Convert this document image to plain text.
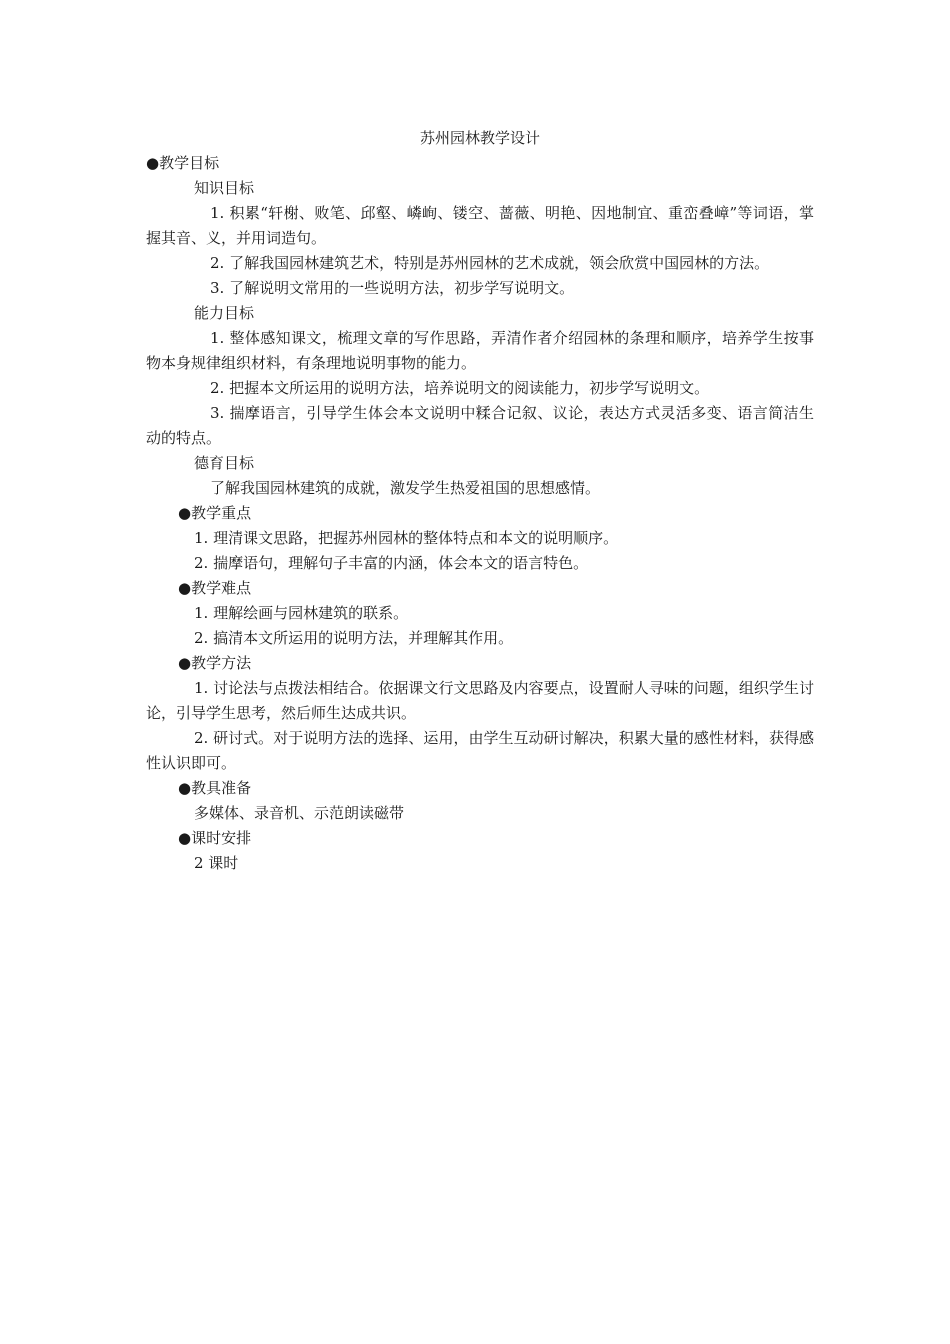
苏州园林教学设计

●教学目标

知识目标

1. 积累“轩榭、败笔、邱壑、嶙峋、镂空、蔷薇、明艳、因地制宜、重峦叠嶂”等词语，掌握其音、义，并用词造句。

2. 了解我国园林建筑艺术，特别是苏州园林的艺术成就，领会欣赏中国园林的方法。

3. 了解说明文常用的一些说明方法，初步学写说明文。

能力目标

1. 整体感知课文，梳理文章的写作思路，弄清作者介绍园林的条理和顺序，培养学生按事物本身规律组织材料，有条理地说明事物的能力。

2. 把握本文所运用的说明方法，培养说明文的阅读能力，初步学写说明文。

3. 揣摩语言，引导学生体会本文说明中糅合记叙、议论，表达方式灵活多变、语言简洁生动的特点。

德育目标

了解我国园林建筑的成就，激发学生热爱祖国的思想感情。

●教学重点

1. 理清课文思路，把握苏州园林的整体特点和本文的说明顺序。

2. 揣摩语句，理解句子丰富的内涵，体会本文的语言特色。

●教学难点

1. 理解绘画与园林建筑的联系。

2. 搞清本文所运用的说明方法，并理解其作用。

●教学方法

1. 讨论法与点拨法相结合。依据课文行文思路及内容要点，设置耐人寻味的问题，组织学生讨论，引导学生思考，然后师生达成共识。

2. 研讨式。对于说明方法的选择、运用，由学生互动研讨解决，积累大量的感性材料，获得感性认识即可。

●教具准备

多媒体、录音机、示范朗读磁带

●课时安排

2 课时
